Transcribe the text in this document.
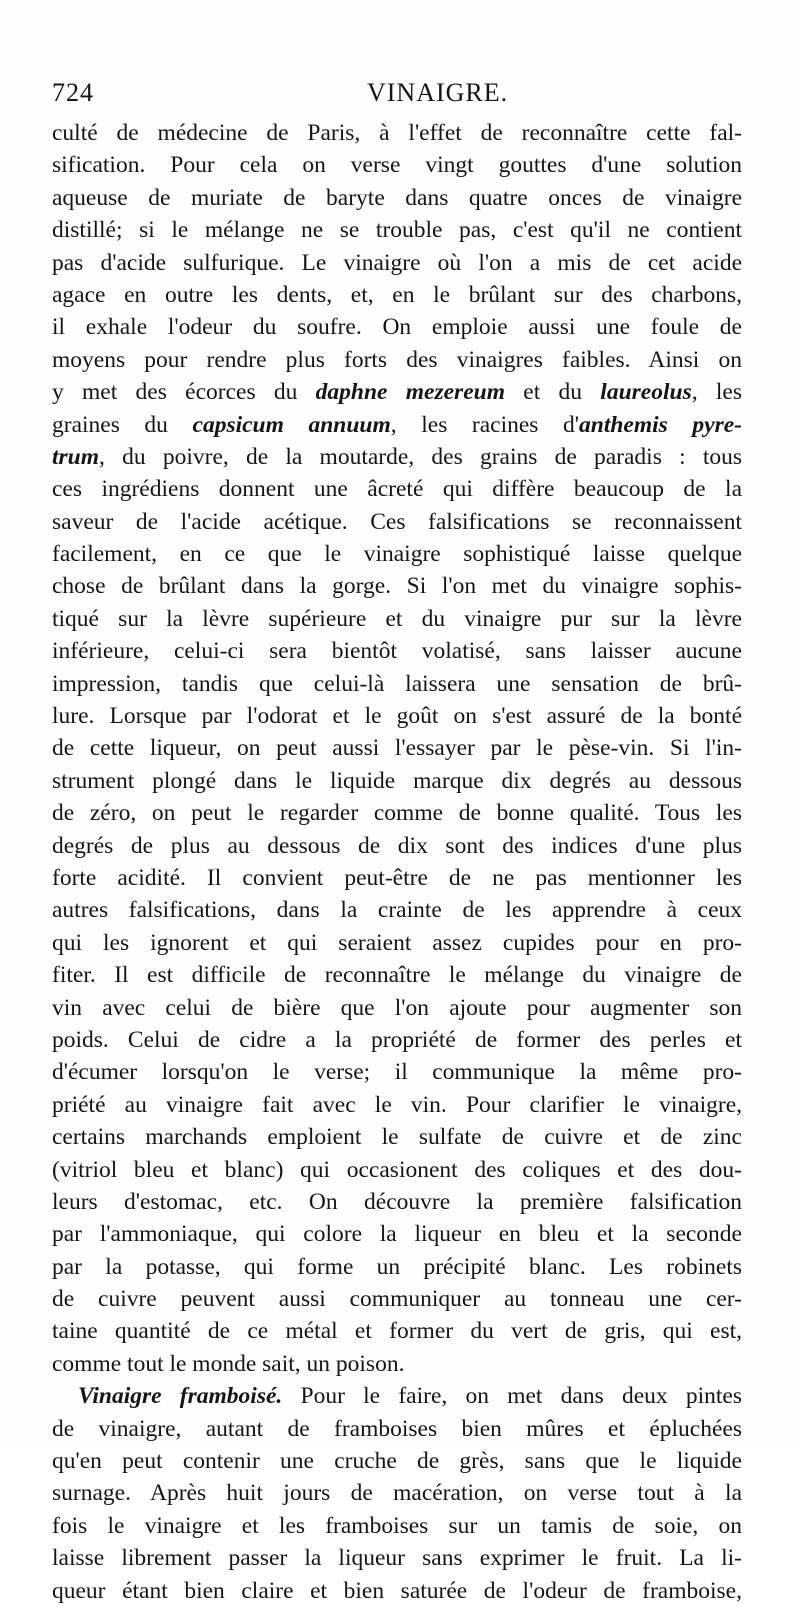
724	VINAIGRE.
culté de médecine de Paris, à l'effet de reconnaître cette fal-
sification. Pour cela on verse vingt gouttes d'une solution
aqueuse de muriate de baryte dans quatre onces de vinaigre
distillé; si le mélange ne se trouble pas, c'est qu'il ne contient
pas d'acide sulfurique. Le vinaigre où l'on a mis de cet acide
agace en outre les dents, et, en le brûlant sur des charbons,
il exhale l'odeur du soufre. On emploie aussi une foule de
moyens pour rendre plus forts des vinaigres faibles. Ainsi on
y met des écorces du daphne mezereum et du laureolus, les
graines du capsicum annuum, les racines d'anthemis pyre-
trum, du poivre, de la moutarde, des grains de paradis : tous
ces ingrédiens donnent une âcreté qui diffère beaucoup de la
saveur de l'acide acétique. Ces falsifications se reconnaissent
facilement, en ce que le vinaigre sophistiqué laisse quelque
chose de brûlant dans la gorge. Si l'on met du vinaigre sophis-
tiqué sur la lèvre supérieure et du vinaigre pur sur la lèvre
inférieure, celui-ci sera bientôt volatisé, sans laisser aucune
impression, tandis que celui-là laissera une sensation de brû-
lure. Lorsque par l'odorat et le goût on s'est assuré de la bonté
de cette liqueur, on peut aussi l'essayer par le pèse-vin. Si l'in-
strument plongé dans le liquide marque dix degrés au dessous
de zéro, on peut le regarder comme de bonne qualité. Tous les
degrés de plus au dessous de dix sont des indices d'une plus
forte acidité. Il convient peut-être de ne pas mentionner les
autres falsifications, dans la crainte de les apprendre à ceux
qui les ignorent et qui seraient assez cupides pour en pro-
fiter. Il est difficile de reconnaître le mélange du vinaigre de
vin avec celui de bière que l'on ajoute pour augmenter son
poids. Celui de cidre a la propriété de former des perles et
d'écumer lorsqu'on le verse; il communique la même pro-
priété au vinaigre fait avec le vin. Pour clarifier le vinaigre,
certains marchands emploient le sulfate de cuivre et de zinc
(vitriol bleu et blanc) qui occasionent des coliques et des dou-
leurs d'estomac, etc. On découvre la première falsification
par l'ammoniaque, qui colore la liqueur en bleu et la seconde
par la potasse, qui forme un précipité blanc. Les robinets
de cuivre peuvent aussi communiquer au tonneau une cer-
taine quantité de ce métal et former du vert de gris, qui est,
comme tout le monde sait, un poison.
Vinaigre framboisé. Pour le faire, on met dans deux pintes
de vinaigre, autant de framboises bien mûres et épluchées
qu'en peut contenir une cruche de grès, sans que le liquide
surnage. Après huit jours de macération, on verse tout à la
fois le vinaigre et les framboises sur un tamis de soie, on
laisse librement passer la liqueur sans exprimer le fruit. La li-
queur étant bien claire et bien saturée de l'odeur de framboise,
